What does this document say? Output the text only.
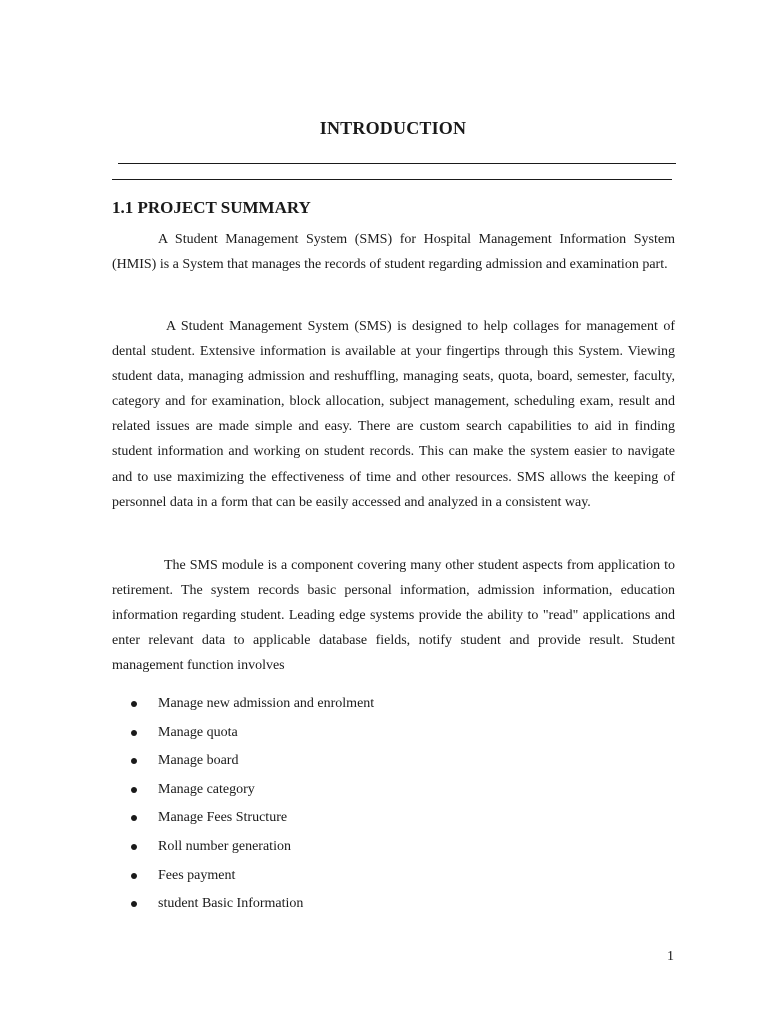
INTRODUCTION
1.1 PROJECT SUMMARY

A Student Management System (SMS) for Hospital Management Information System (HMIS) is a System that manages the records of student regarding admission and examination part.

A Student Management System (SMS) is designed to help collages for management of dental student. Extensive information is available at your fingertips through this System. Viewing student data, managing admission and reshuffling, managing seats, quota, board, semester, faculty, category and for examination, block allocation, subject management, scheduling exam, result and related issues are made simple and easy. There are custom search capabilities to aid in finding student information and working on student records. This can make the system easier to navigate and to use maximizing the effectiveness of time and other resources. SMS allows the keeping of personnel data in a form that can be easily accessed and analyzed in a consistent way.

The SMS module is a component covering many other student aspects from application to retirement. The system records basic personal information, admission information, education information regarding student. Leading edge systems provide the ability to "read" applications and enter relevant data to applicable database fields, notify student and provide result. Student management function involves

Manage new admission and enrolment
Manage quota
Manage board
Manage category
Manage Fees Structure
Roll number generation
Fees payment
student Basic Information
1
